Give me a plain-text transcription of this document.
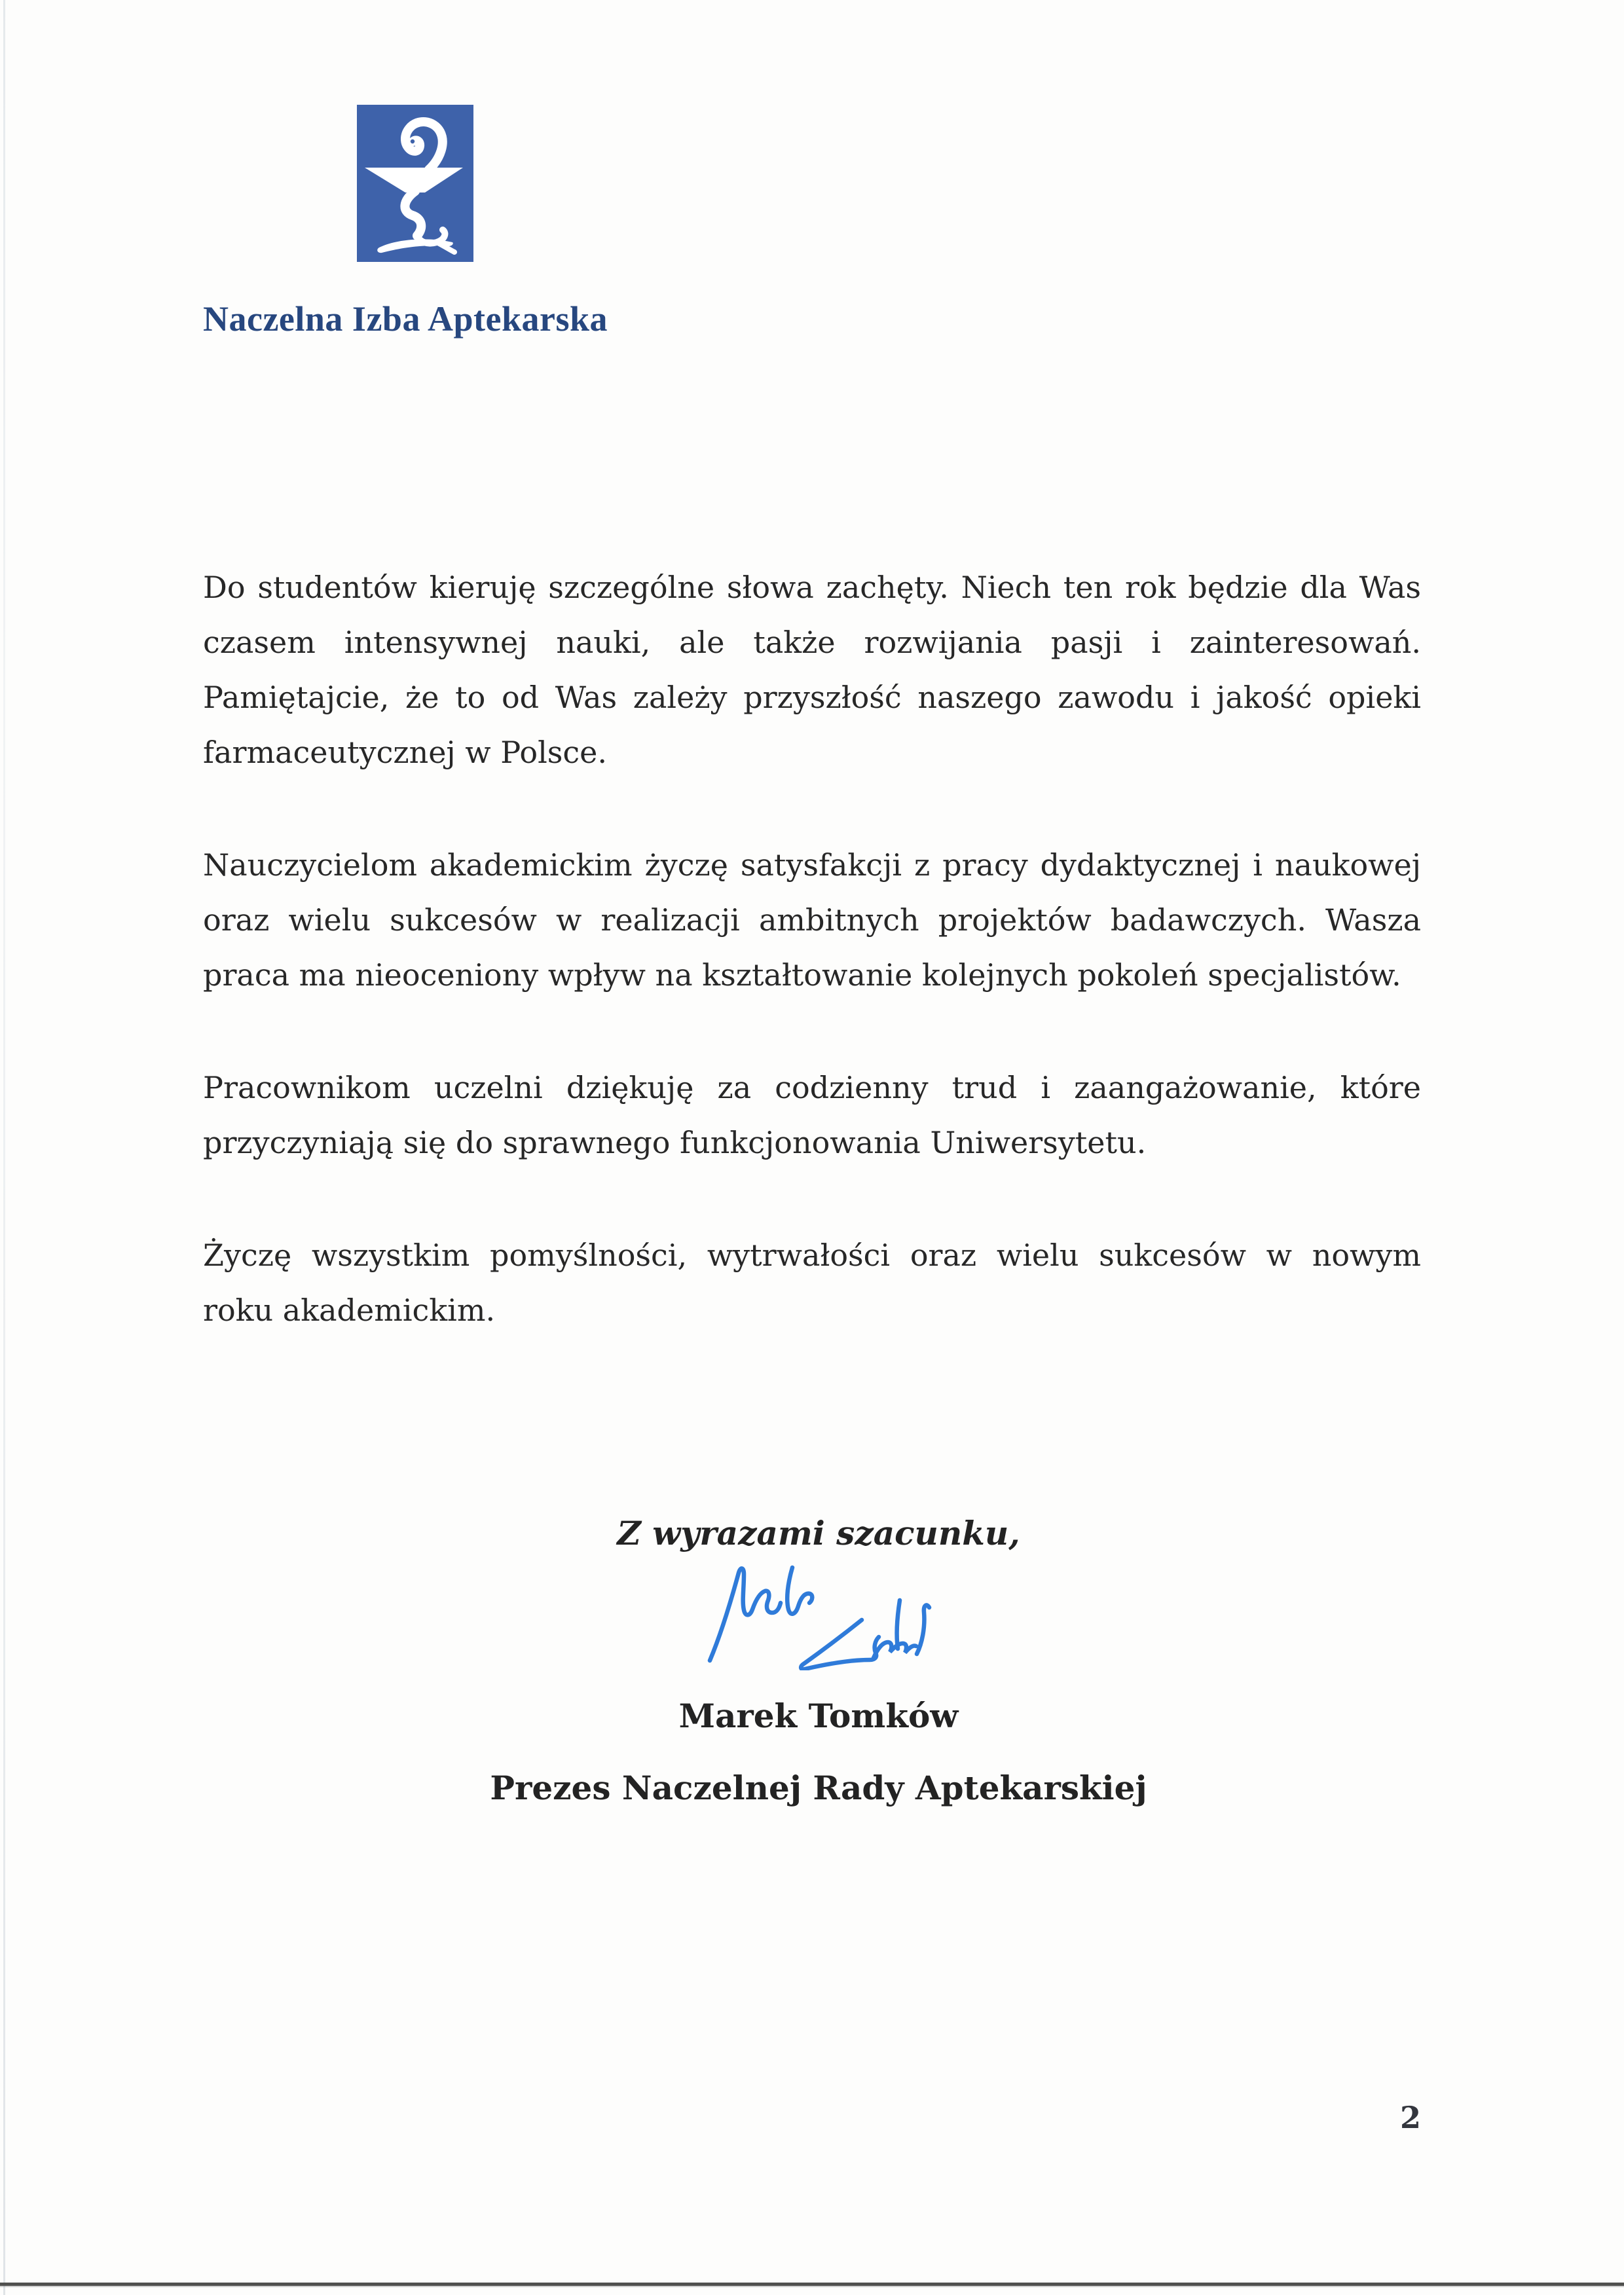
Naczelna Izba Aptekarska
Do studentów kieruję szczególne słowa zachęty. Niech ten rok będzie dla Was
czasem intensywnej nauki, ale także rozwijania pasji i zainteresowań.
Pamiętajcie, że to od Was zależy przyszłość naszego zawodu i jakość opieki
farmaceutycznej w Polsce.
Nauczycielom akademickim życzę satysfakcji z pracy dydaktycznej i naukowej
oraz wielu sukcesów w realizacji ambitnych projektów badawczych. Wasza
praca ma nieoceniony wpływ na kształtowanie kolejnych pokoleń specjalistów.
Pracownikom uczelni dziękuję za codzienny trud i zaangażowanie, które
przyczyniają się do sprawnego funkcjonowania Uniwersytetu.
Życzę wszystkim pomyślności, wytrwałości oraz wielu sukcesów w nowym
roku akademickim.
Z wyrazami szacunku,
Marek Tomków
Prezes Naczelnej Rady Aptekarskiej
2
